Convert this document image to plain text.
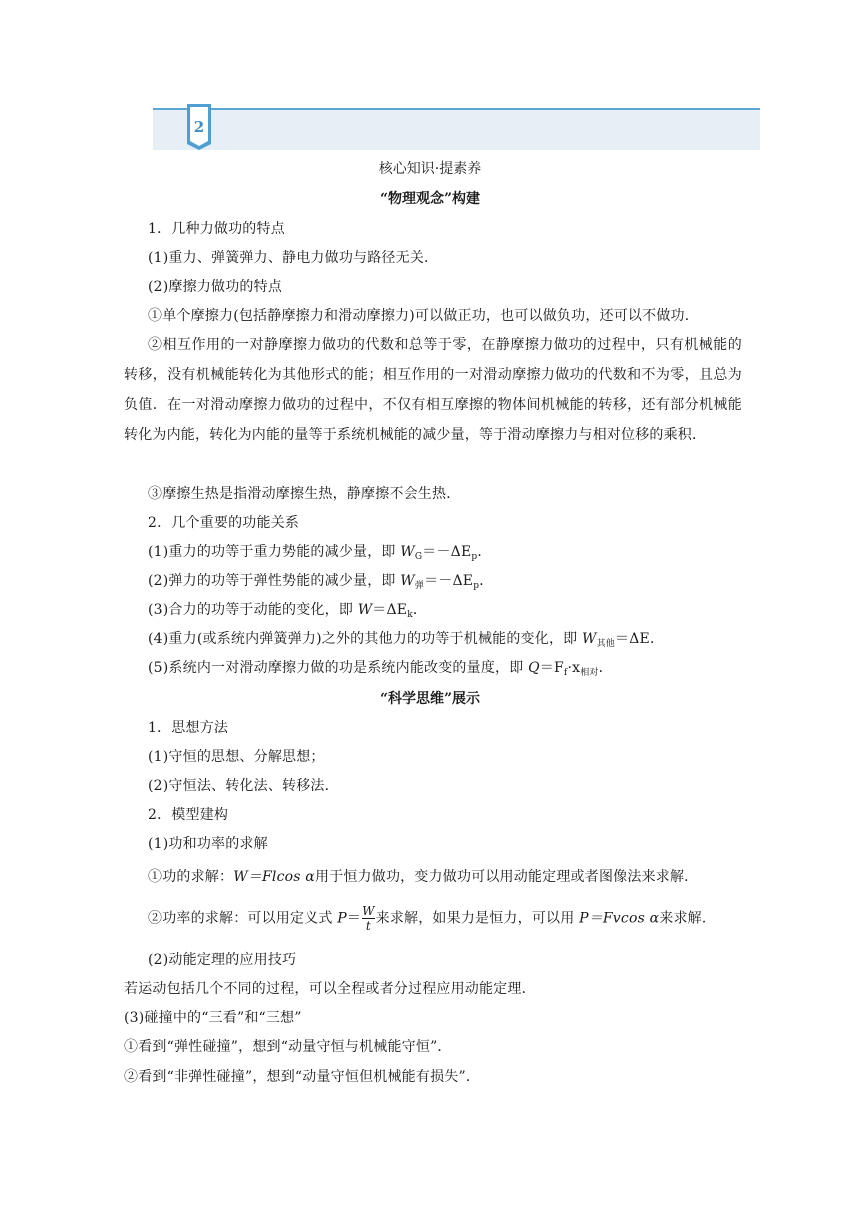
2
核心知识·提素养
“物理观念”构建
1．几种力做功的特点
(1)重力、弹簧弹力、静电力做功与路径无关．
(2)摩擦力做功的特点
①单个摩擦力(包括静摩擦力和滑动摩擦力)可以做正功，也可以做负功，还可以不做功．
②相互作用的一对静摩擦力做功的代数和总等于零，在静摩擦力做功的过程中，只有机械能的转移，没有机械能转化为其他形式的能；相互作用的一对滑动摩擦力做功的代数和不为零，且总为负值．在一对滑动摩擦力做功的过程中，不仅有相互摩擦的物体间机械能的转移，还有部分机械能转化为内能，转化为内能的量等于系统机械能的减少量，等于滑动摩擦力与相对位移的乘积．
③摩擦生热是指滑动摩擦生热，静摩擦不会生热．
2．几个重要的功能关系
(1)重力的功等于重力势能的减少量，即 $W_G=-\Delta E_p$．
(2)弹力的功等于弹性势能的减少量，即 $W_弹=-\Delta E_p$．
(3)合力的功等于动能的变化，即 $W=\Delta E_k$．
(4)重力(或系统内弹簧弹力)之外的其他力的功等于机械能的变化，即 $W_{其他}=\Delta E$．
(5)系统内一对滑动摩擦力做的功是系统内能改变的量度，即 $Q=F_f\cdot x_{相对}$．
“科学思维”展示
1．思想方法
(1)守恒的思想、分解思想；
(2)守恒法、转化法、转移法．
2．模型建构
(1)功和功率的求解
①功的求解：W＝Flcos α用于恒力做功，变力做功可以用动能定理或者图像法来求解．
②功率的求解：可以用定义式 $P= \frac{W}{t}$ 来求解，如果力是恒力，可以用 P＝Fvcos α来求解．
(2)动能定理的应用技巧
若运动包括几个不同的过程，可以全程或者分过程应用动能定理．
(3)碰撞中的“三看”和“三想”
①看到“弹性碰撞”，想到“动量守恒与机械能守恒”．
②看到“非弹性碰撞”，想到“动量守恒但机械能有损失”．
